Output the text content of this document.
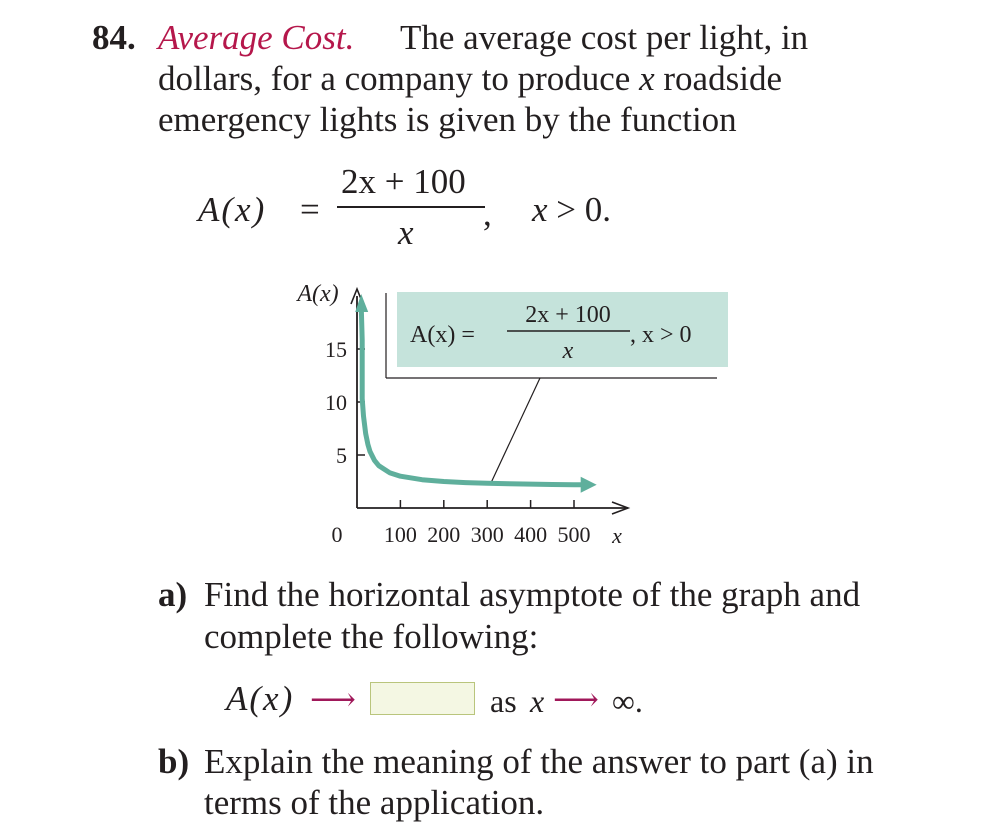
84. Average Cost. The average cost per light, in
dollars, for a company to produce x roadside
emergency lights is given by the function
A(x) =
2x + 100
x , x > 0.
A(x) =
2x + 100
x
, x > 0
5
10
15
0 100 200 300 400 500
A(x)
x
a) Find the horizontal asymptote of the graph and
complete the following:
A(x) ⟶	as x ⟶ ∞.
b) Explain the meaning of the answer to part (a) in
terms of the application.
